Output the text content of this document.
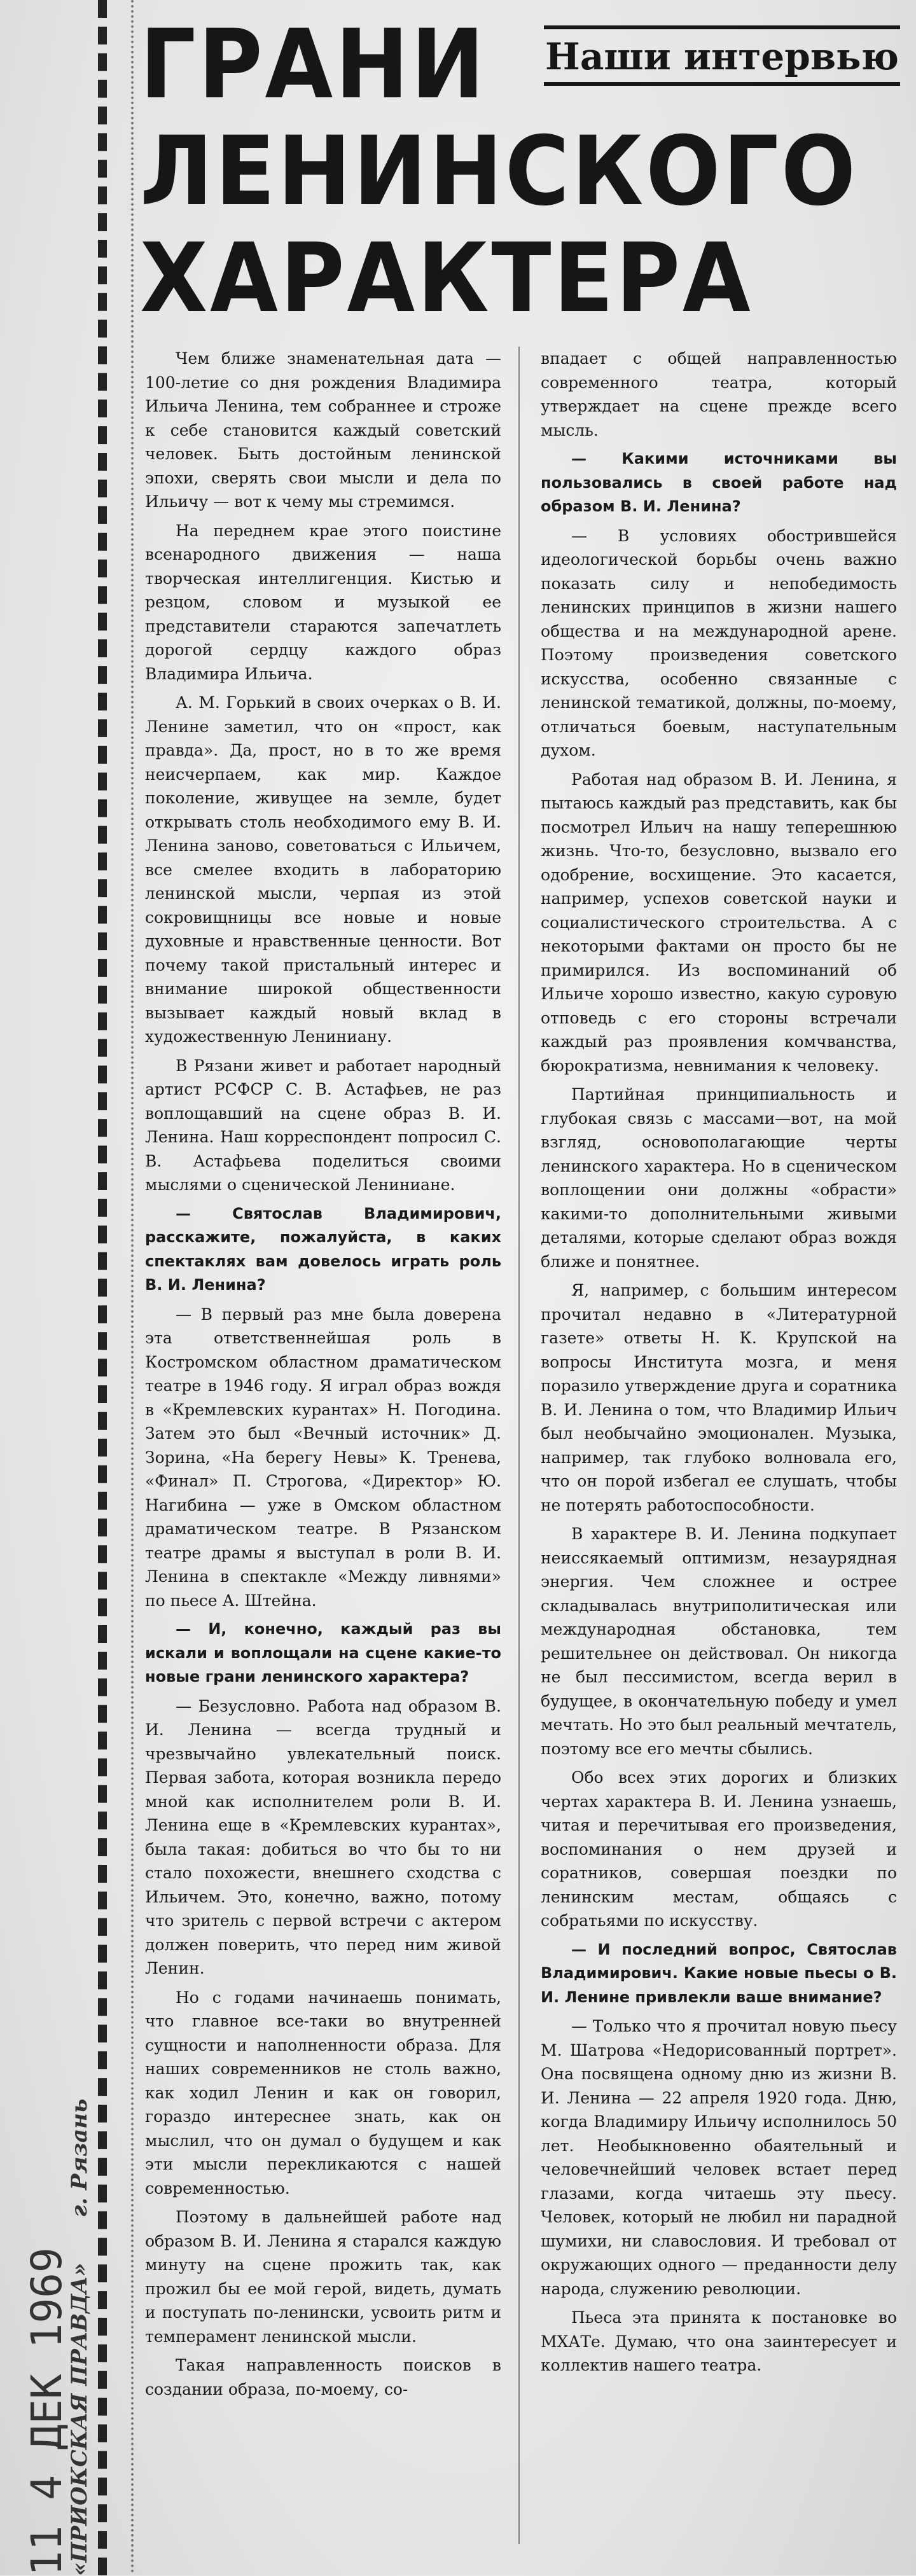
ГРАНИ
ЛЕНИНСКОГО
ХАРАКТЕРА
Наши интервью

Чем ближе знаменательная дата — 100-летие со дня рождения Владимира Ильича Ленина, тем собраннее и строже к себе становится каждый советский человек. Быть достойным ленинской эпохи, сверять свои мысли и дела по Ильичу — вот к чему мы стремимся.

На переднем крае этого поистине всенародного движения — наша творческая интеллигенция. Кистью и резцом, словом и музыкой ее представители стараются запечатлеть дорогой сердцу каждого образ Владимира Ильича.

А. М. Горький в своих очерках о В. И. Ленине заметил, что он «прост, как правда». Да, прост, но в то же время неисчерпаем, как мир. Каждое поколение, живущее на земле, будет открывать столь необходимого ему В. И. Ленина заново, советоваться с Ильичем, все смелее входить в лабораторию ленинской мысли, черпая из этой сокровищницы все новые и новые духовные и нравственные ценности. Вот почему такой пристальный интерес и внимание широкой общественности вызывает каждый новый вклад в художественную Лениниану.

В Рязани живет и работает народный артист РСФСР С. В. Астафьев, не раз воплощавший на сцене образ В. И. Ленина. Наш корреспондент попросил С. В. Астафьева поделиться своими мыслями о сценической Лениниане.

— Святослав Владимирович, расскажите, пожалуйста, в каких спектаклях вам довелось играть роль В. И. Ленина?

— В первый раз мне была доверена эта ответственнейшая роль в Костромском областном драматическом театре в 1946 году. Я играл образ вождя в «Кремлевских курантах» Н. Погодина. Затем это был «Вечный источник» Д. Зорина, «На берегу Невы» К. Тренева, «Финал» П. Строгова, «Директор» Ю. Нагибина — уже в Омском областном драматическом театре. В Рязанском театре драмы я выступал в роли В. И. Ленина в спектакле «Между ливнями» по пьесе А. Штейна.

— И, конечно, каждый раз вы искали и воплощали на сцене какие-то новые грани ленинского характера?

— Безусловно. Работа над образом В. И. Ленина — всегда трудный и чрезвычайно увлекательный поиск. Первая забота, которая возникла передо мной как исполнителем роли В. И. Ленина еще в «Кремлевских курантах», была такая: добиться во что бы то ни стало похожести, внешнего сходства с Ильичем. Это, конечно, важно, потому что зритель с первой встречи с актером должен поверить, что перед ним живой Ленин.

Но с годами начинаешь понимать, что главное все-таки во внутренней сущности и наполненности образа. Для наших современников не столь важно, как ходил Ленин и как он говорил, гораздо интереснее знать, как он мыслил, что он думал о будущем и как эти мысли перекликаются с нашей современностью.

Поэтому в дальнейшей работе над образом В. И. Ленина я старался каждую минуту на сцене прожить так, как прожил бы ее мой герой, видеть, думать и поступать по-ленински, усвоить ритм и темперамент ленинской мысли.

Такая направленность поисков в создании образа, по-моему, со-

впадает с общей направленностью современного театра, который утверждает на сцене прежде всего мысль.

— Какими источниками вы пользовались в своей работе над образом В. И. Ленина?

— В условиях обострившейся идеологической борьбы очень важно показать силу и непобедимость ленинских принципов в жизни нашего общества и на международной арене. Поэтому произведения советского искусства, особенно связанные с ленинской тематикой, должны, по-моему, отличаться боевым, наступательным духом.

Работая над образом В. И. Ленина, я пытаюсь каждый раз представить, как бы посмотрел Ильич на нашу теперешнюю жизнь. Что-то, безусловно, вызвало его одобрение, восхищение. Это касается, например, успехов советской науки и социалистического строительства. А с некоторыми фактами он просто бы не примирился. Из воспоминаний об Ильиче хорошо известно, какую суровую отповедь с его стороны встречали каждый раз проявления комчванства, бюрократизма, невнимания к человеку.

Партийная принципиальность и глубокая связь с массами—вот, на мой взгляд, основополагающие черты ленинского характера. Но в сценическом воплощении они должны «обрасти» какими-то дополнительными живыми деталями, которые сделают образ вождя ближе и понятнее.

Я, например, с большим интересом прочитал недавно в «Литературной газете» ответы Н. К. Крупской на вопросы Института мозга, и меня поразило утверждение друга и соратника В. И. Ленина о том, что Владимир Ильич был необычайно эмоционален. Музыка, например, так глубоко волновала его, что он порой избегал ее слушать, чтобы не потерять работоспособности.

В характере В. И. Ленина подкупает неиссякаемый оптимизм, незаурядная энергия. Чем сложнее и острее складывалась внутриполитическая или международная обстановка, тем решительнее он действовал. Он никогда не был пессимистом, всегда верил в будущее, в окончательную победу и умел мечтать. Но это был реальный мечтатель, поэтому все его мечты сбылись.

Обо всех этих дорогих и близких чертах характера В. И. Ленина узнаешь, читая и перечитывая его произведения, воспоминания о нем друзей и соратников, совершая поездки по ленинским местам, общаясь с собратьями по искусству.

— И последний вопрос, Святослав Владимирович. Какие новые пьесы о В. И. Ленине привлекли ваше внимание?

— Только что я прочитал новую пьесу М. Шатрова «Недорисованный портрет». Она посвящена одному дню из жизни В. И. Ленина — 22 апреля 1920 года. Дню, когда Владимиру Ильичу исполнилось 50 лет. Необыкновенно обаятельный и человечнейший человек встает перед глазами, когда читаешь эту пьесу. Человек, который не любил ни парадной шумихи, ни славословия. И требовал от окружающих одного — преданности делу народа, служению революции.

Пьеса эта принята к постановке во МХАТе. Думаю, что она заинтересует и коллектив нашего театра.

11 4 ДЕК 1969
«ПРИОКСКАЯ ПРАВДА» г. Рязань
